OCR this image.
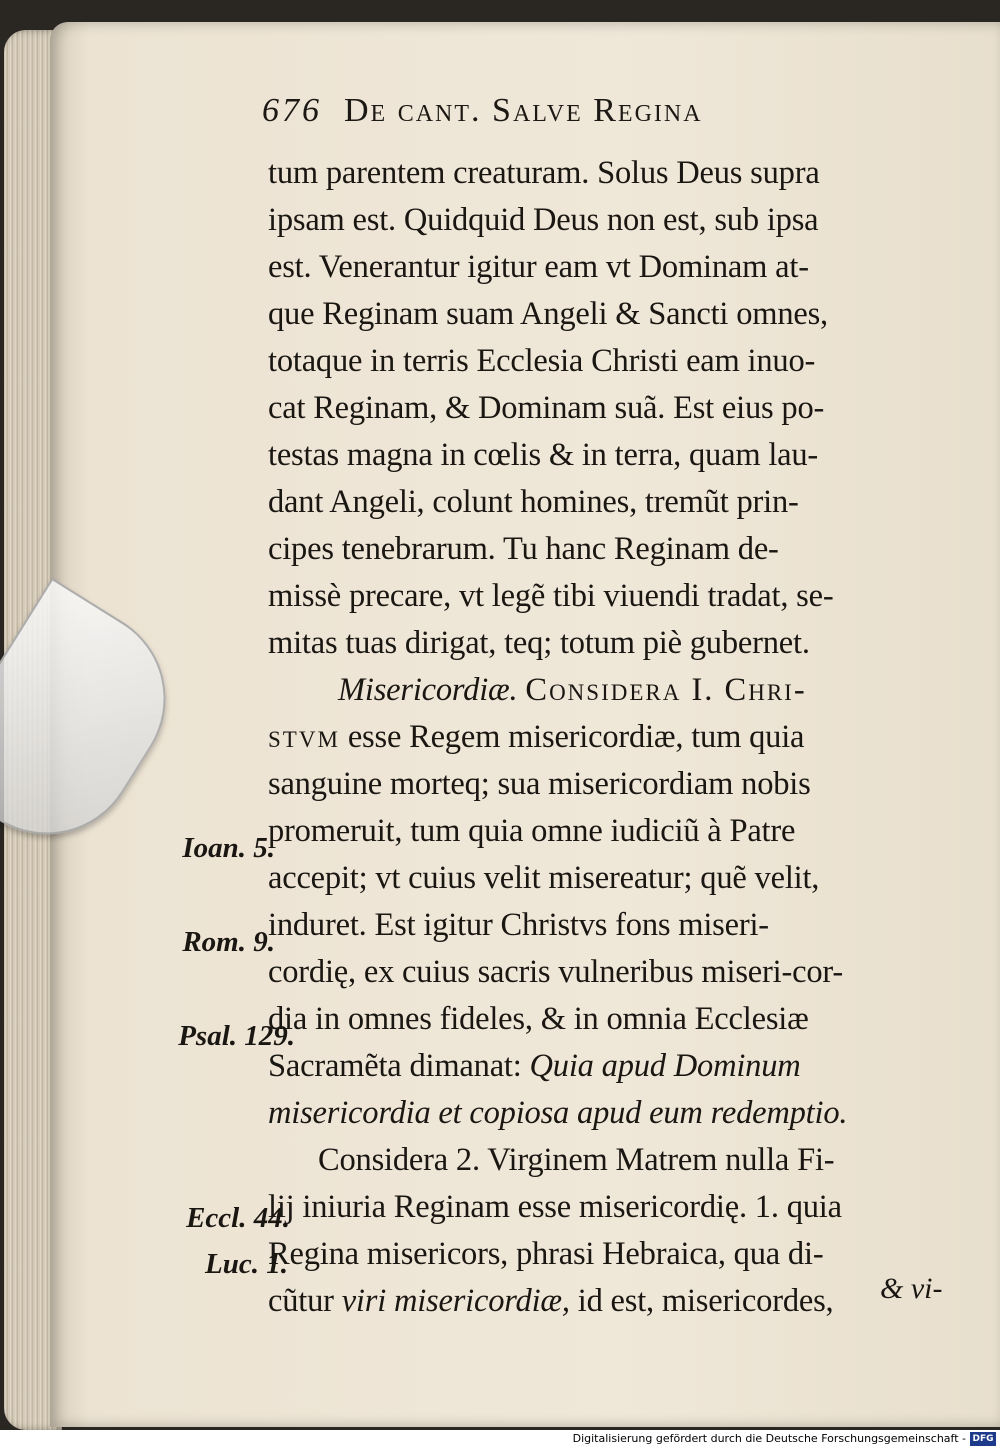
676 De cant. Salve Regina
tum parentem creaturam. Solus Deus supra
ipsam est. Quidquid Deus non est, sub ipsa
est. Venerantur igitur eam vt Dominam at-
que Reginam suam Angeli & Sancti omnes,
totaque in terris Ecclesia Christi eam inuo-
cat Reginam, & Dominam suã. Est eius po-
testas magna in cœlis & in terra, quam lau-
dant Angeli, colunt homines, tremũt prin-
cipes tenebrarum. Tu hanc Reginam de-
missè precare, vt legẽ tibi viuendi tradat, se-
mitas tuas dirigat, teq; totum piè gubernet.
Misericordiæ. Considera I. Chri-
stvm esse Regem misericordiæ, tum quia
sanguine morteq; sua misericordiam nobis
promeruit, tum quia omne iudiciũ à Patre
accepit; vt cuius velit misereatur; quẽ velit,
induret. Est igitur Christvs fons miseri-
cordię, ex cuius sacris vulneribus miseri-cor-
dia in omnes fideles, & in omnia Ecclesiæ
Sacramẽta dimanat: Quia apud Dominum
misericordia et copiosa apud eum redemptio.
Considera 2. Virginem Matrem nulla Fi-
lij iniuria Reginam esse misericordię. 1. quia
Regina misericors, phrasi Hebraica, qua di-
cũtur viri misericordiæ, id est, misericordes,	& vi-
Ioan. 5.
Rom. 9.
Psal. 129.
Eccl. 44.
Luc. 1.
Digitalisierung gefördert durch die Deutsche Forschungsgemeinschaft - DFG
